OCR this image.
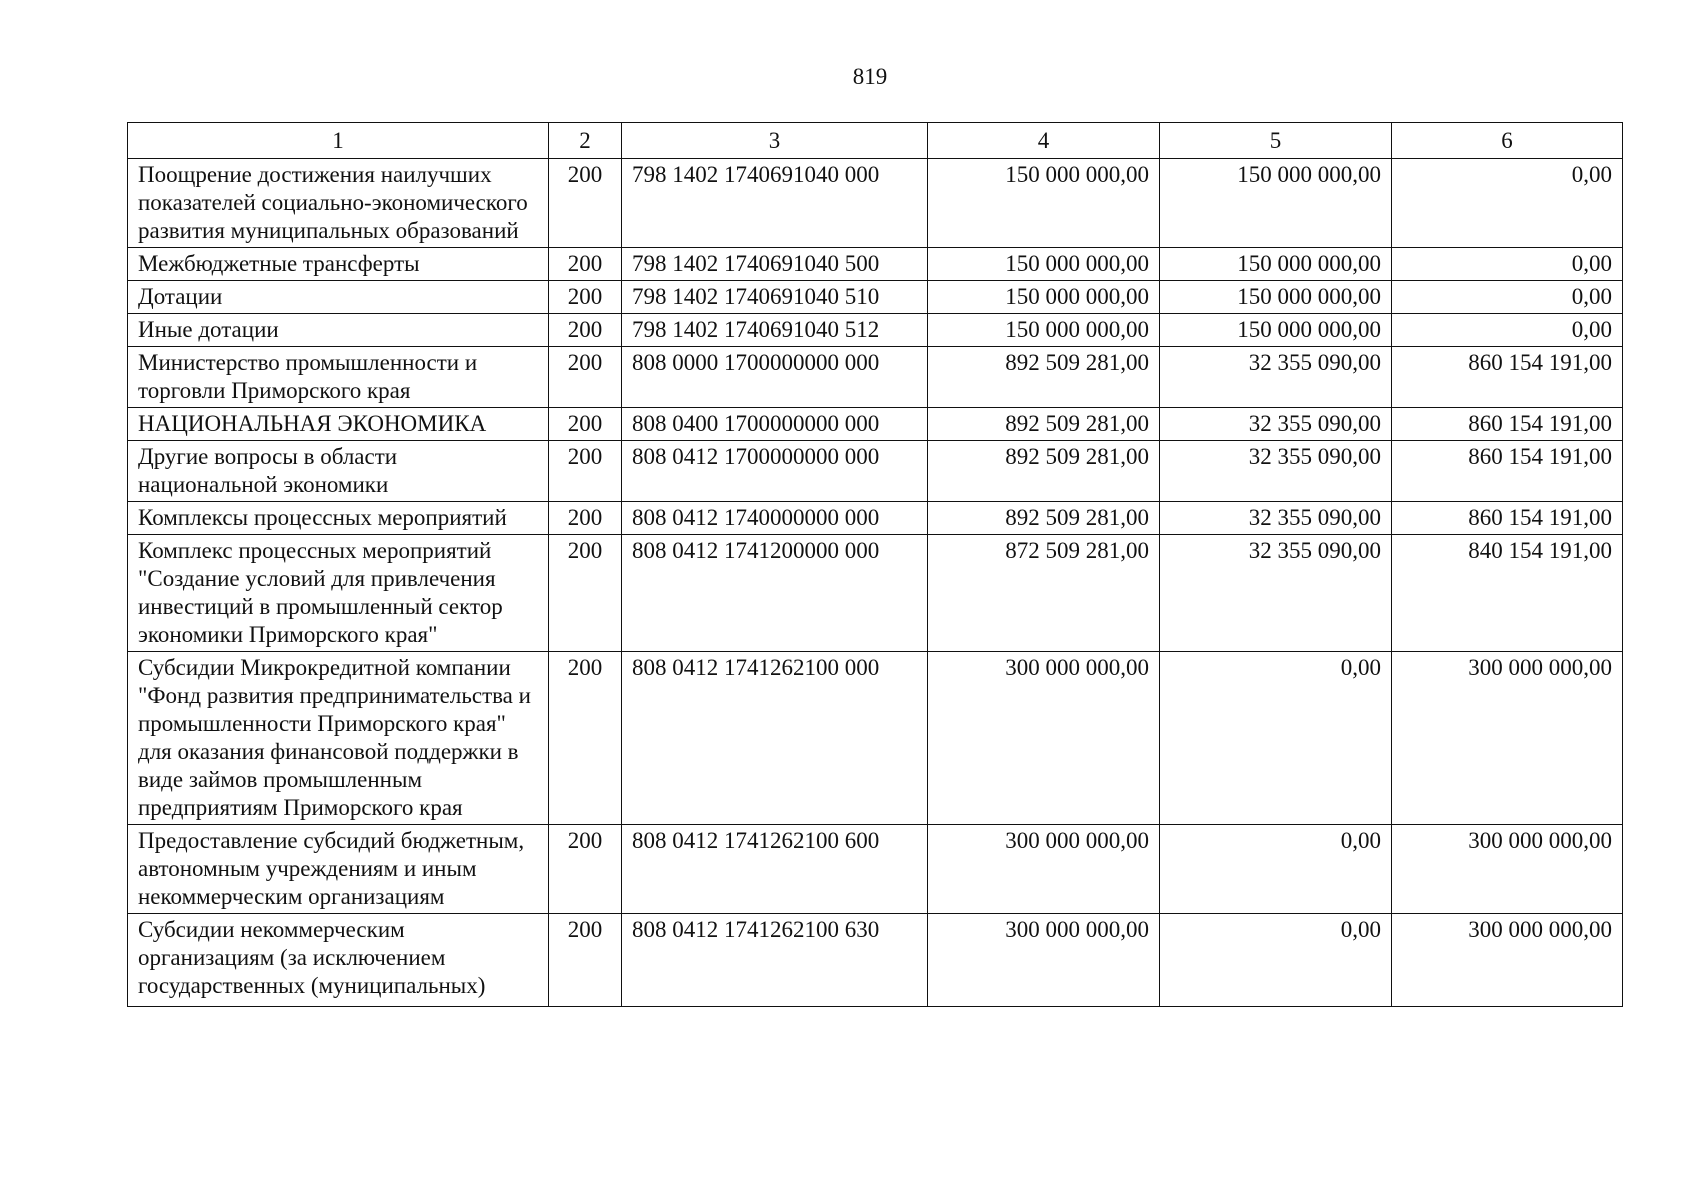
819
1	2	3	4	5	6
Поощрение достижения наилучших показателей социально-экономического развития муниципальных образований	200	798 1402 1740691040 000	150 000 000,00	150 000 000,00	0,00
Межбюджетные трансферты	200	798 1402 1740691040 500	150 000 000,00	150 000 000,00	0,00
Дотации	200	798 1402 1740691040 510	150 000 000,00	150 000 000,00	0,00
Иные дотации	200	798 1402 1740691040 512	150 000 000,00	150 000 000,00	0,00
Министерство промышленности и торговли Приморского края	200	808 0000 1700000000 000	892 509 281,00	32 355 090,00	860 154 191,00
НАЦИОНАЛЬНАЯ ЭКОНОМИКА	200	808 0400 1700000000 000	892 509 281,00	32 355 090,00	860 154 191,00
Другие вопросы в области национальной экономики	200	808 0412 1700000000 000	892 509 281,00	32 355 090,00	860 154 191,00
Комплексы процессных мероприятий	200	808 0412 1740000000 000	892 509 281,00	32 355 090,00	860 154 191,00
Комплекс процессных мероприятий "Создание условий для привлечения инвестиций в промышленный сектор экономики Приморского края"	200	808 0412 1741200000 000	872 509 281,00	32 355 090,00	840 154 191,00
Субсидии Микрокредитной компании "Фонд развития предпринимательства и промышленности Приморского края" для оказания финансовой поддержки в виде займов промышленным предприятиям Приморского края	200	808 0412 1741262100 000	300 000 000,00	0,00	300 000 000,00
Предоставление субсидий бюджетным, автономным учреждениям и иным некоммерческим организациям	200	808 0412 1741262100 600	300 000 000,00	0,00	300 000 000,00
Субсидии некоммерческим организациям (за исключением государственных (муниципальных)	200	808 0412 1741262100 630	300 000 000,00	0,00	300 000 000,00
